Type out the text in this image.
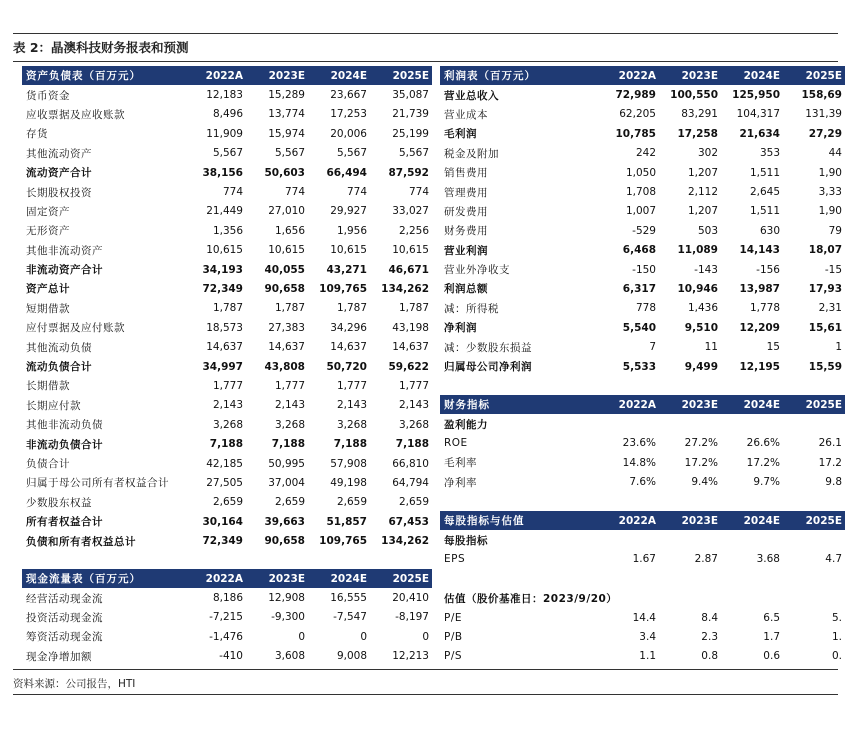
表 2：晶澳科技财务报表和预测
资产负债表（百万元）	2022A	2023E	2024E	2025E
货币资金	12,183	15,289	23,667	35,087
应收票据及应收账款	8,496	13,774	17,253	21,739
存货	11,909	15,974	20,006	25,199
其他流动资产	5,567	5,567	5,567	5,567
流动资产合计	38,156	50,603	66,494	87,592
长期股权投资	774	774	774	774
固定资产	21,449	27,010	29,927	33,027
无形资产	1,356	1,656	1,956	2,256
其他非流动资产	10,615	10,615	10,615	10,615
非流动资产合计	34,193	40,055	43,271	46,671
资产总计	72,349	90,658	109,765	134,262
短期借款	1,787	1,787	1,787	1,787
应付票据及应付账款	18,573	27,383	34,296	43,198
其他流动负债	14,637	14,637	14,637	14,637
流动负债合计	34,997	43,808	50,720	59,622
长期借款	1,777	1,777	1,777	1,777
长期应付款	2,143	2,143	2,143	2,143
其他非流动负债	3,268	3,268	3,268	3,268
非流动负债合计	7,188	7,188	7,188	7,188
负债合计	42,185	50,995	57,908	66,810
归属于母公司所有者权益合计	27,505	37,004	49,198	64,794
少数股东权益	2,659	2,659	2,659	2,659
所有者权益合计	30,164	39,663	51,857	67,453
负债和所有者权益总计	72,349	90,658	109,765	134,262
现金流量表（百万元）	2022A	2023E	2024E	2025E
经营活动现金流	8,186	12,908	16,555	20,410
投资活动现金流	-7,215	-9,300	-7,547	-8,197
筹资活动现金流	-1,476	0	0	0
现金净增加额	-410	3,608	9,008	12,213
利润表（百万元）	2022A	2023E	2024E	2025E
营业总收入	72,989	100,550	125,950	158,69
营业成本	62,205	83,291	104,317	131,39
毛利润	10,785	17,258	21,634	27,29
税金及附加	242	302	353	44
销售费用	1,050	1,207	1,511	1,90
管理费用	1,708	2,112	2,645	3,33
研发费用	1,007	1,207	1,511	1,90
财务费用	-529	503	630	79
营业利润	6,468	11,089	14,143	18,07
营业外净收支	-150	-143	-156	-15
利润总额	6,317	10,946	13,987	17,93
减：所得税	778	1,436	1,778	2,31
净利润	5,540	9,510	12,209	15,61
减：少数股东损益	7	11	15	1
归属母公司净利润	5,533	9,499	12,195	15,59
财务指标	2022A	2023E	2024E	2025E
盈利能力				
ROE	23.6%	27.2%	26.6%	26.1
毛利率	14.8%	17.2%	17.2%	17.2
净利率	7.6%	9.4%	9.7%	9.8
每股指标与估值	2022A	2023E	2024E	2025E
每股指标				
EPS	1.67	2.87	3.68	4.7

估值（股价基准日：2023/9/20）				
P/E	14.4	8.4	6.5	5.
P/B	3.4	2.3	1.7	1.
P/S	1.1	0.8	0.6	0.
资料来源：公司报告，HTI
